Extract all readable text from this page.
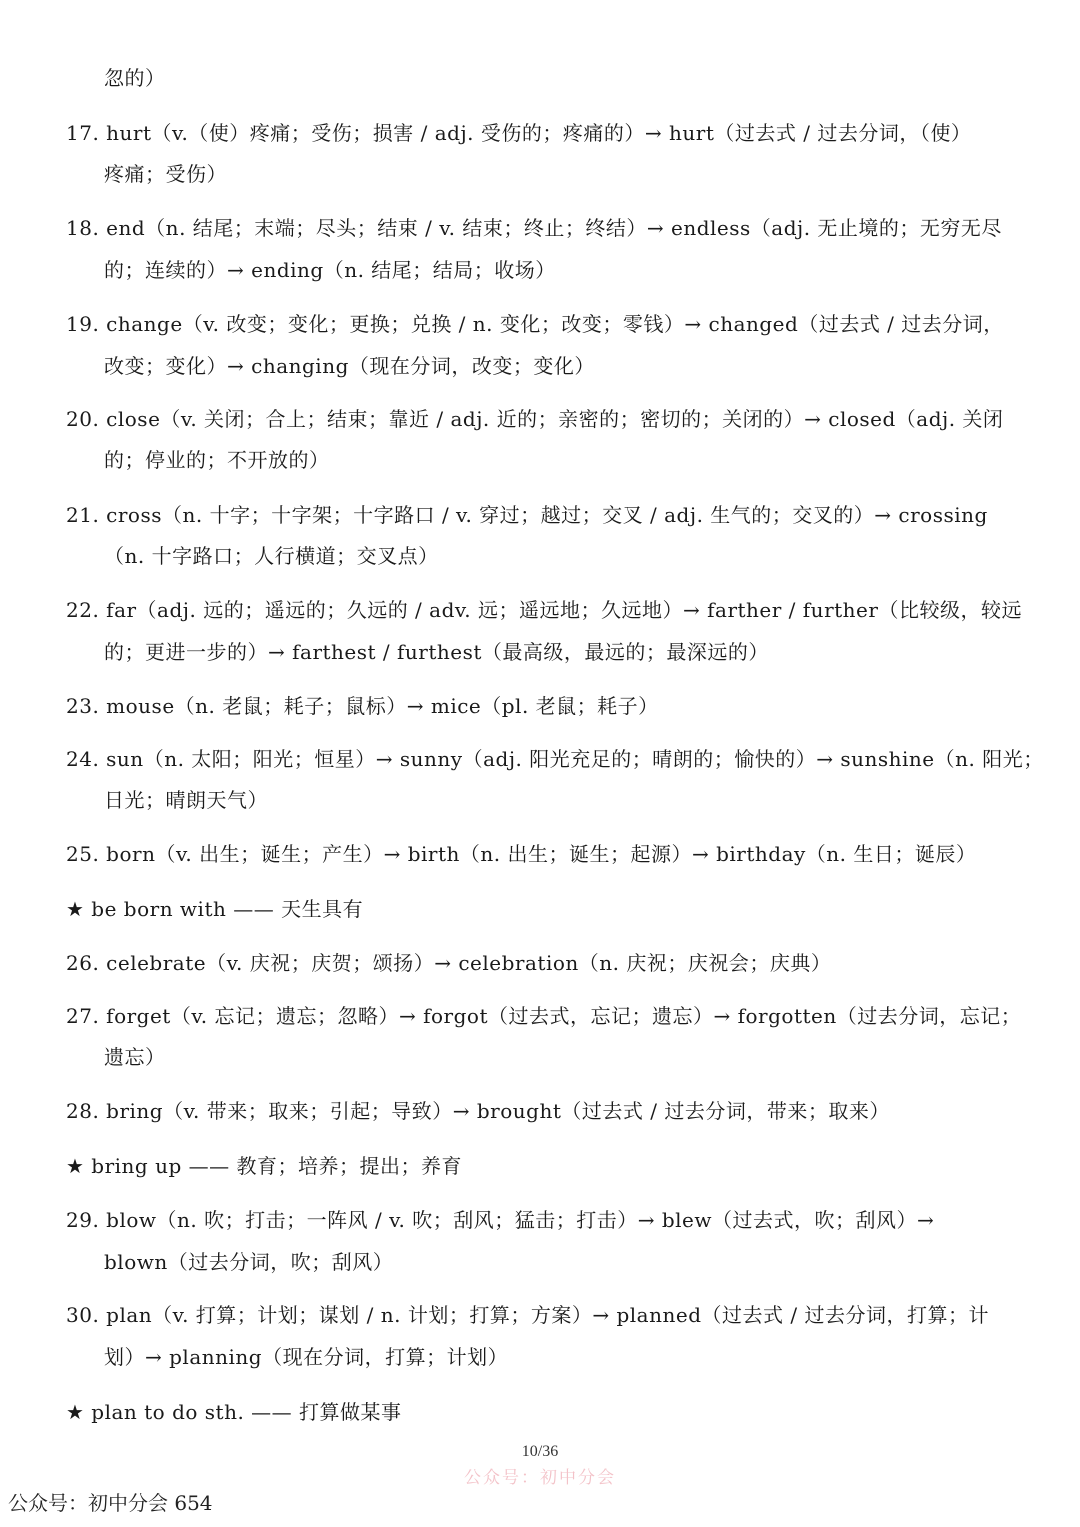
忽的）
17. hurt（v.（使）疼痛；受伤；损害 / adj. 受伤的；疼痛的）→ hurt（过去式 / 过去分词，（使）
疼痛；受伤）
18. end（n. 结尾；末端；尽头；结束 / v. 结束；终止；终结）→ endless（adj. 无止境的；无穷无尽
的；连续的）→ ending（n. 结尾；结局；收场）
19. change（v. 改变；变化；更换；兑换 / n. 变化；改变；零钱）→ changed（过去式 / 过去分词，
改变；变化）→ changing（现在分词，改变；变化）
20. close（v. 关闭；合上；结束；靠近 / adj. 近的；亲密的；密切的；关闭的）→ closed（adj. 关闭
的；停业的；不开放的）
21. cross（n. 十字；十字架；十字路口 / v. 穿过；越过；交叉 / adj. 生气的；交叉的）→ crossing
（n. 十字路口；人行横道；交叉点）
22. far（adj. 远的；遥远的；久远的 / adv. 远；遥远地；久远地）→ farther / further（比较级，较远
的；更进一步的）→ farthest / furthest（最高级，最远的；最深远的）
23. mouse（n. 老鼠；耗子；鼠标）→ mice（pl. 老鼠；耗子）
24. sun（n. 太阳；阳光；恒星）→ sunny（adj. 阳光充足的；晴朗的；愉快的）→ sunshine（n. 阳光；
日光；晴朗天气）
25. born（v. 出生；诞生；产生）→ birth（n. 出生；诞生；起源）→ birthday（n. 生日；诞辰）
★ be born with —— 天生具有
26. celebrate（v. 庆祝；庆贺；颂扬）→ celebration（n. 庆祝；庆祝会；庆典）
27. forget（v. 忘记；遗忘；忽略）→ forgot（过去式，忘记；遗忘）→ forgotten（过去分词，忘记；
遗忘）
28. bring（v. 带来；取来；引起；导致）→ brought（过去式 / 过去分词，带来；取来）
★ bring up —— 教育；培养；提出；养育
29. blow（n. 吹；打击；一阵风 / v. 吹；刮风；猛击；打击）→ blew（过去式，吹；刮风）→
blown（过去分词，吹；刮风）
30. plan（v. 打算；计划；谋划 / n. 计划；打算；方案）→ planned（过去式 / 过去分词，打算；计
划）→ planning（现在分词，打算；计划）
★ plan to do sth. —— 打算做某事
10/36
公众号：初中分会
公众号：初中分会 654
